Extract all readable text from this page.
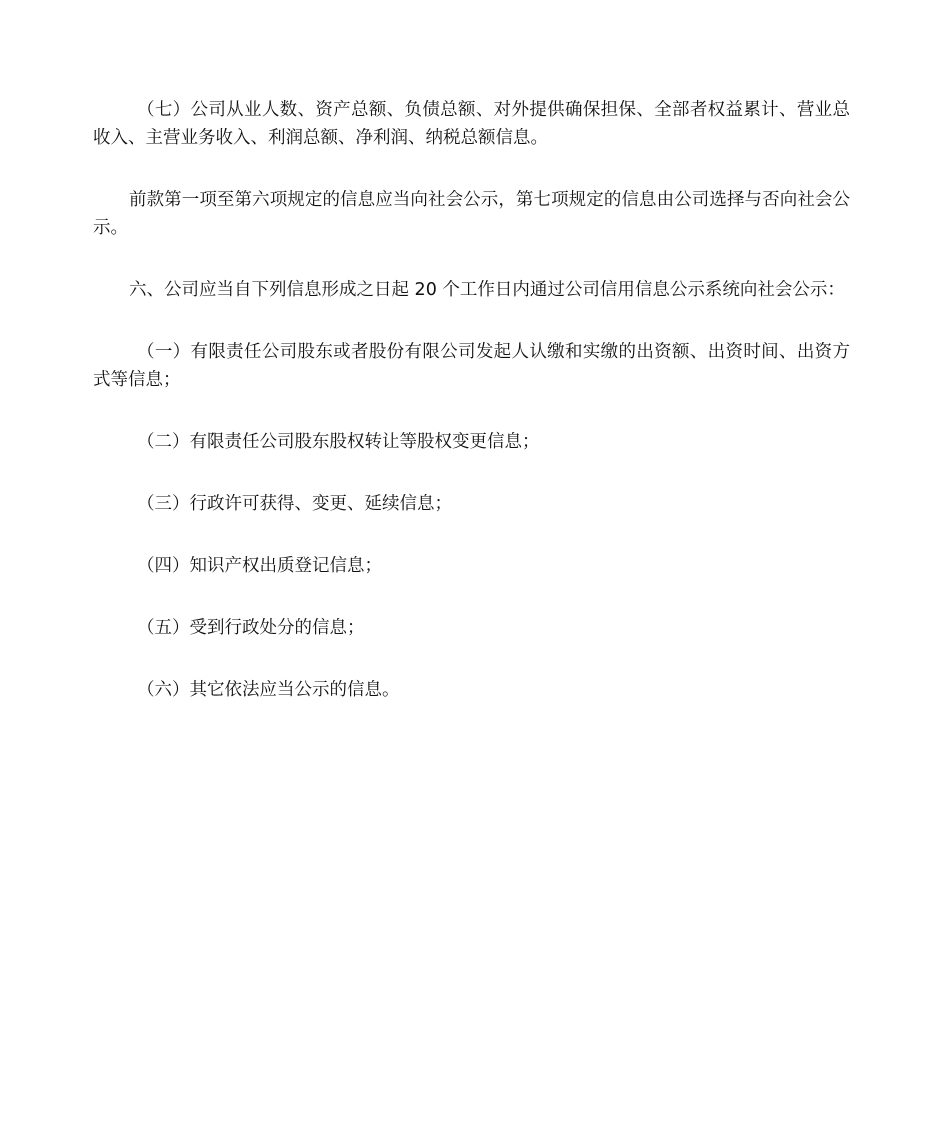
（七）公司从业人数、资产总额、负债总额、对外提供确保担保、全部者权益累计、营业总收入、主营业务收入、利润总额、净利润、纳税总额信息。

前款第一项至第六项规定的信息应当向社会公示，第七项规定的信息由公司选择与否向社会公示。

六、公司应当自下列信息形成之日起 20 个工作日内通过公司信用信息公示系统向社会公示：

（一）有限责任公司股东或者股份有限公司发起人认缴和实缴的出资额、出资时间、出资方式等信息；

（二）有限责任公司股东股权转让等股权变更信息；

（三）行政许可获得、变更、延续信息；

（四）知识产权出质登记信息；

（五）受到行政处分的信息；

（六）其它依法应当公示的信息。
